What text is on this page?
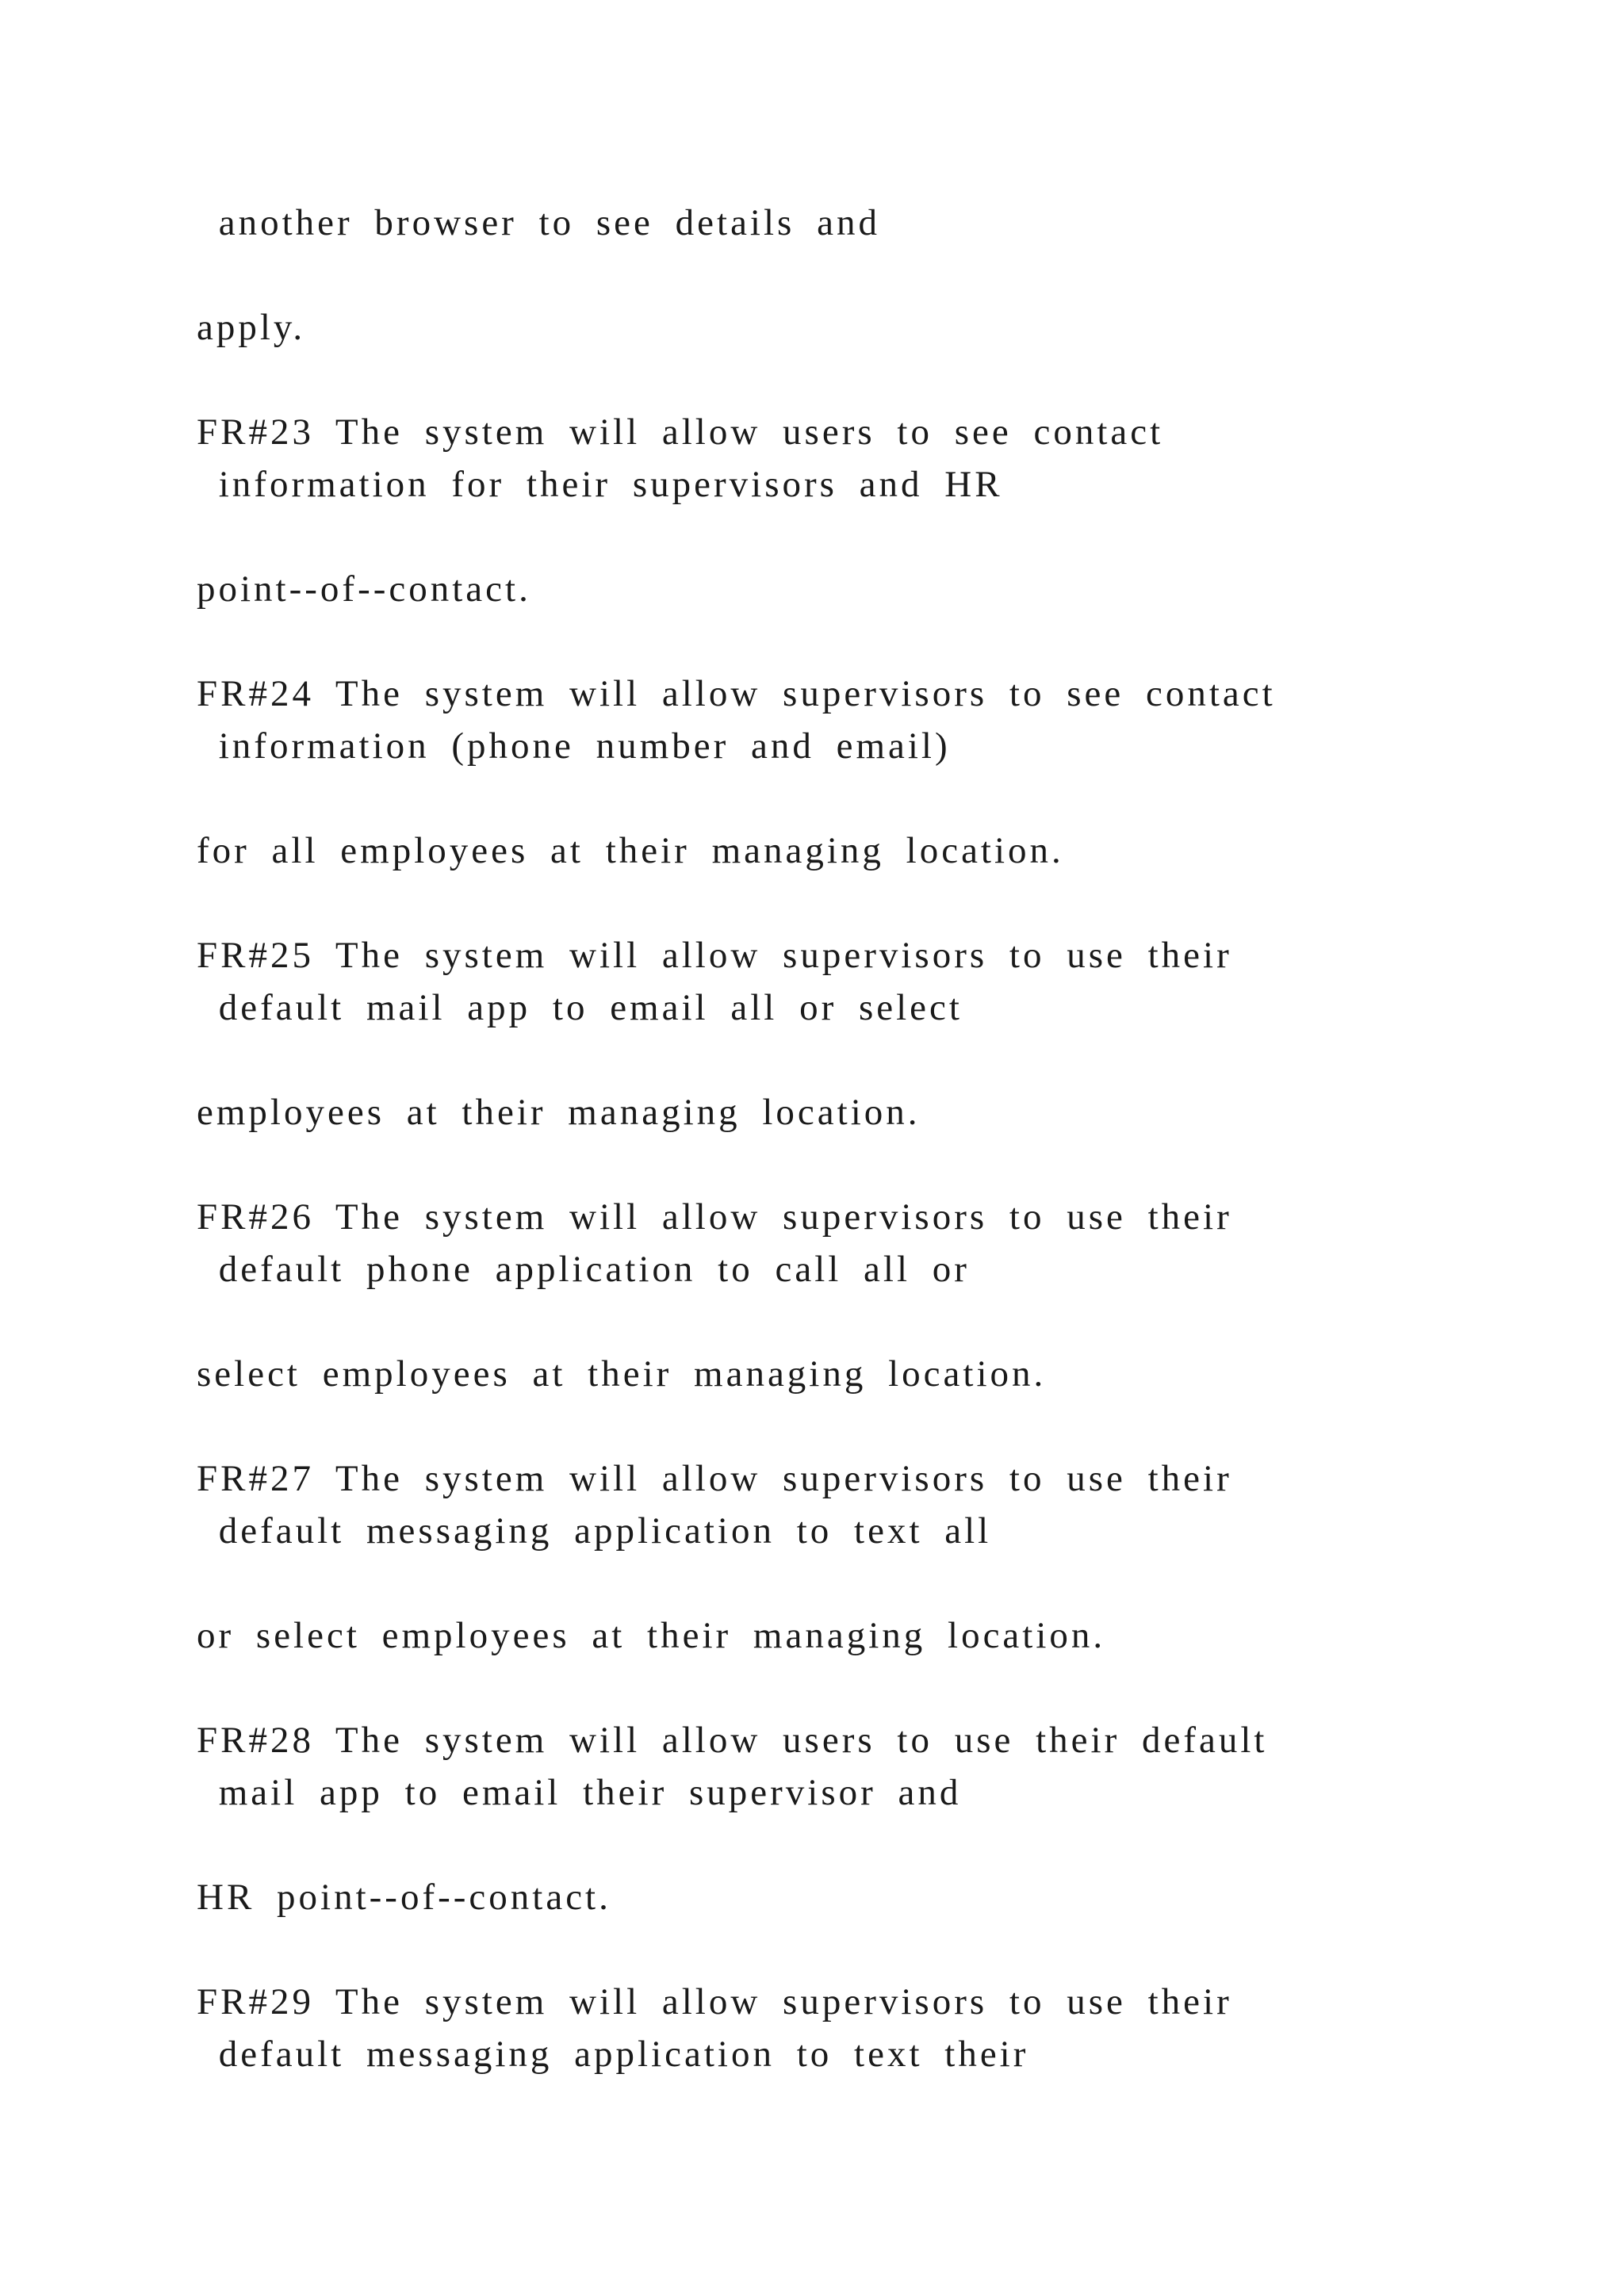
another browser to see details and

apply.

FR#23 The system will allow users to see contact

information for their supervisors and HR

point--of--contact.

FR#24 The system will allow supervisors to see contact

information (phone number and email)

for all employees at their managing location.

FR#25 The system will allow supervisors to use their

default mail app to email all or select

employees at their managing location.

FR#26 The system will allow supervisors to use their

default phone application to call all or

select employees at their managing location.

FR#27 The system will allow supervisors to use their

default messaging application to text all

or select employees at their managing location.

FR#28 The system will allow users to use their default

mail app to email their supervisor and

HR point--of--contact.

FR#29 The system will allow supervisors to use their

default messaging application to text their
